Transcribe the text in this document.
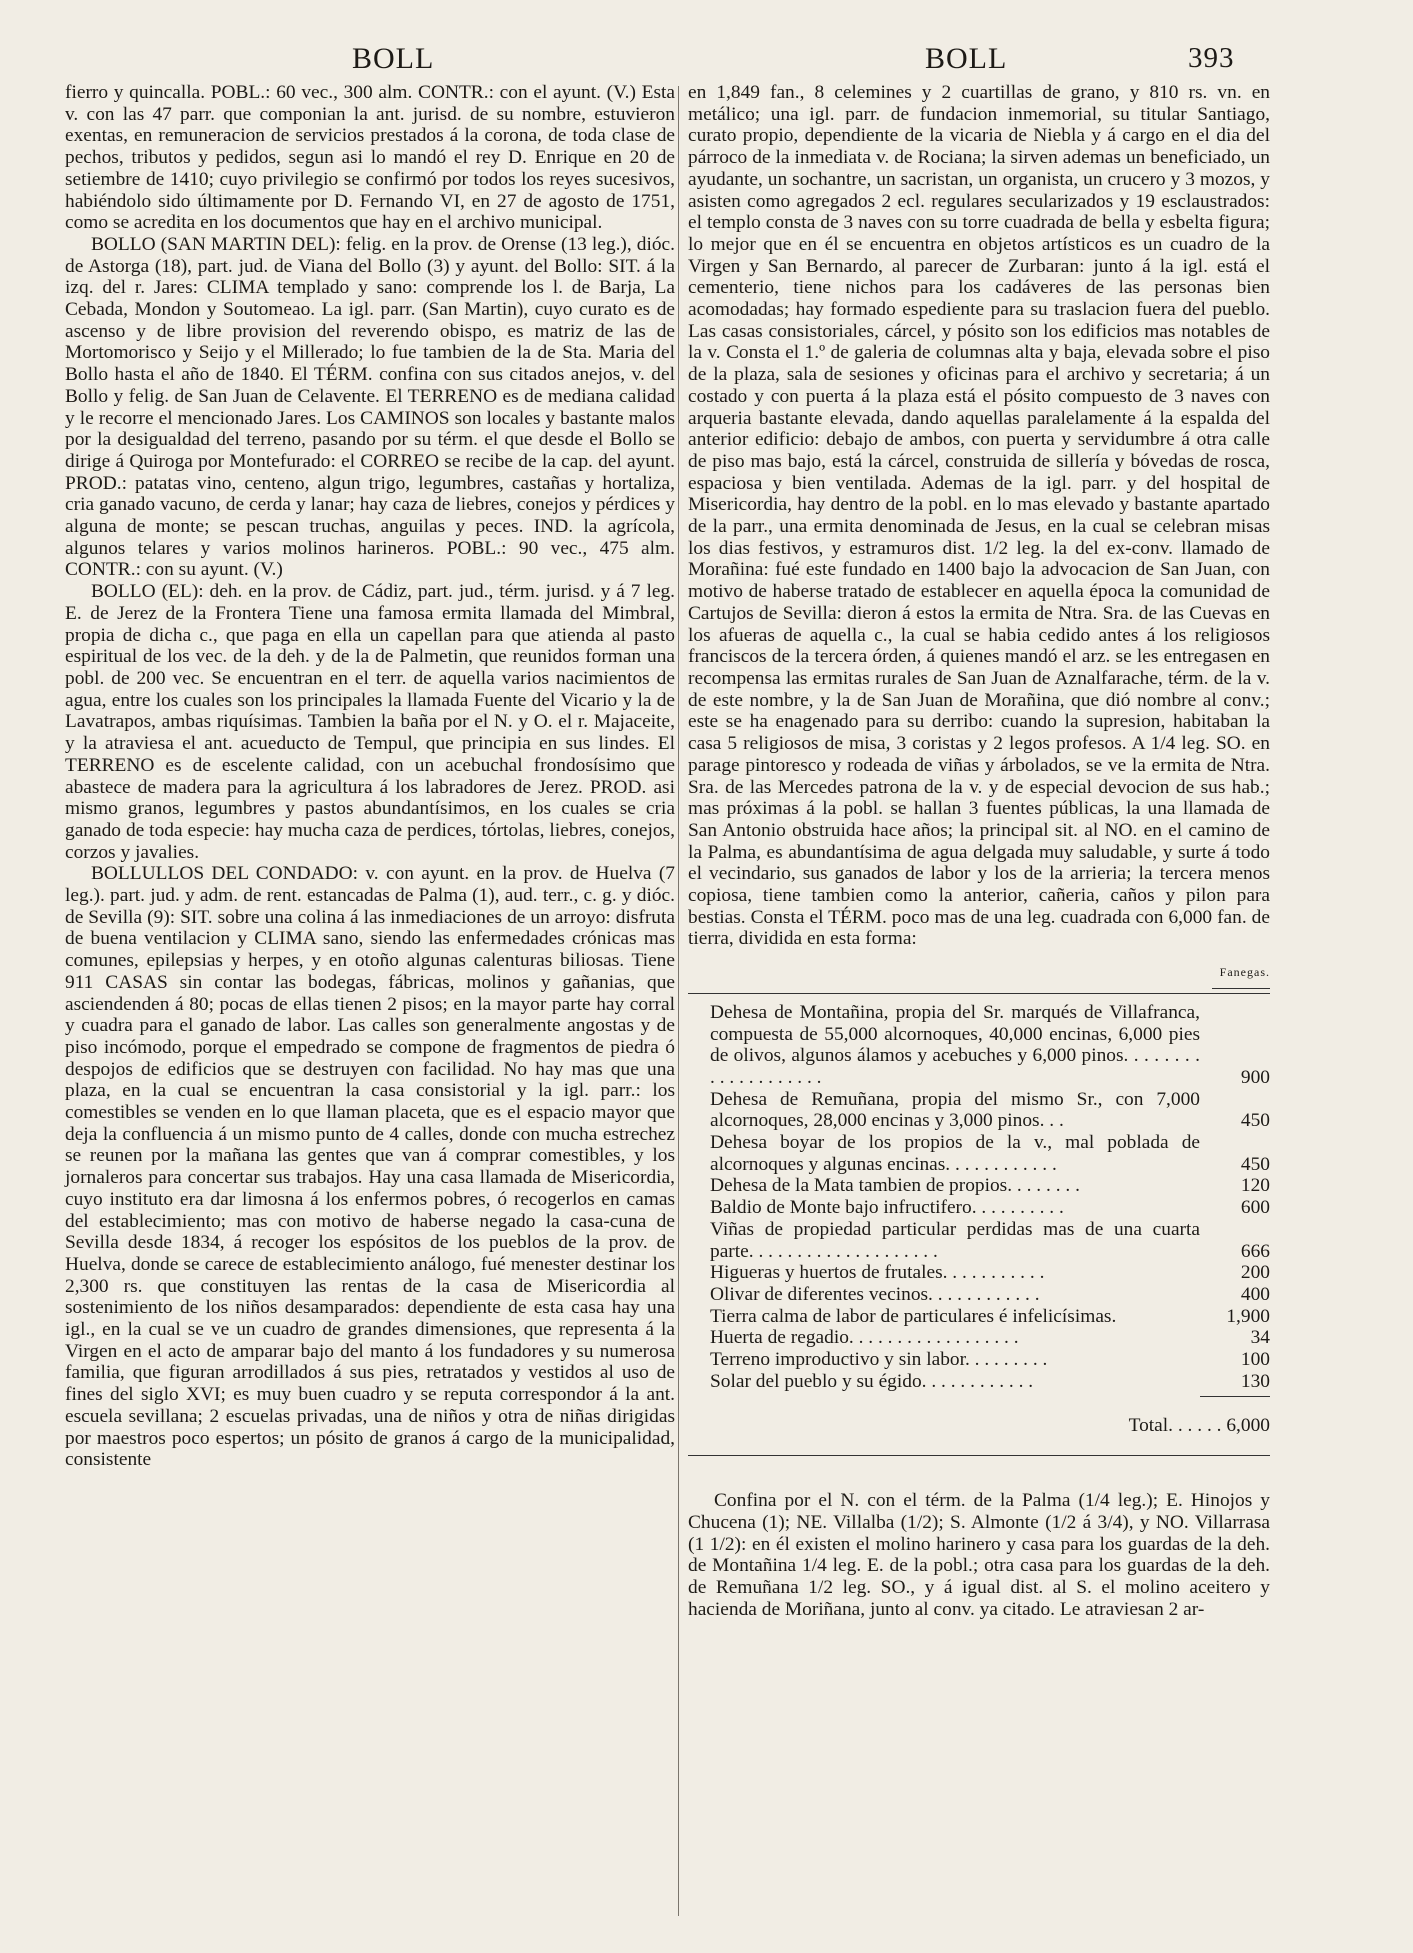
BOLL	BOLL	393

fierro y quincalla. POBL.: 60 vec., 300 alm. CONTR.: con el ayunt. (V.) Esta v. con las 47 parr. que componian la ant. jurisd. de su nombre, estuvieron exentas, en remuneracion de servicios prestados á la corona, de toda clase de pechos, tributos y pedidos, segun asi lo mandó el rey D. Enrique en 20 de setiembre de 1410; cuyo privilegio se confirmó por todos los reyes sucesivos, habiéndolo sido últimamente por D. Fernando VI, en 27 de agosto de 1751, como se acredita en los documentos que hay en el archivo municipal.

BOLLO (SAN MARTIN DEL): felig. en la prov. de Orense (13 leg.), dióc. de Astorga (18), part. jud. de Viana del Bollo (3) y ayunt. del Bollo: SIT. á la izq. del r. Jares: CLIMA templado y sano: comprende los l. de Barja, La Cebada, Mondon y Soutomeao. La igl. parr. (San Martin), cuyo curato es de ascenso y de libre provision del reverendo obispo, es matriz de las de Mortomorisco y Seijo y el Millerado; lo fue tambien de la de Sta. Maria del Bollo hasta el año de 1840. El TÉRM. confina con sus citados anejos, v. del Bollo y felig. de San Juan de Celavente. El TERRENO es de mediana calidad y le recorre el mencionado Jares. Los CAMINOS son locales y bastante malos por la desigualdad del terreno, pasando por su térm. el que desde el Bollo se dirige á Quiroga por Montefurado: el CORREO se recibe de la cap. del ayunt. PROD.: patatas vino, centeno, algun trigo, legumbres, castañas y hortaliza, cria ganado vacuno, de cerda y lanar; hay caza de liebres, conejos y pérdices y alguna de monte; se pescan truchas, anguilas y peces. IND. la agrícola, algunos telares y varios molinos harineros. POBL.: 90 vec., 475 alm. CONTR.: con su ayunt. (V.)

BOLLO (EL): deh. en la prov. de Cádiz, part. jud., térm. jurisd. y á 7 leg. E. de Jerez de la Frontera Tiene una famosa ermita llamada del Mimbral, propia de dicha c., que paga en ella un capellan para que atienda al pasto espiritual de los vec. de la deh. y de la de Palmetin, que reunidos forman una pobl. de 200 vec. Se encuentran en el terr. de aquella varios nacimientos de agua, entre los cuales son los principales la llamada Fuente del Vicario y la de Lavatrapos, ambas riquísimas. Tambien la baña por el N. y O. el r. Majaceite, y la atraviesa el ant. acueducto de Tempul, que principia en sus lindes. El TERRENO es de escelente calidad, con un acebuchal frondosísimo que abastece de madera para la agricultura á los labradores de Jerez. PROD. asi mismo granos, legumbres y pastos abundantísimos, en los cuales se cria ganado de toda especie: hay mucha caza de perdices, tórtolas, liebres, conejos, corzos y javalies.

BOLLULLOS DEL CONDADO: v. con ayunt. en la prov. de Huelva (7 leg.). part. jud. y adm. de rent. estancadas de Palma (1), aud. terr., c. g. y dióc. de Sevilla (9): SIT. sobre una colina á las inmediaciones de un arroyo: disfruta de buena ventilacion y CLIMA sano, siendo las enfermedades crónicas mas comunes, epilepsias y herpes, y en otoño algunas calenturas biliosas. Tiene 911 CASAS sin contar las bodegas, fábricas, molinos y gañanias, que asciendenden á 80; pocas de ellas tienen 2 pisos; en la mayor parte hay corral y cuadra para el ganado de labor. Las calles son generalmente angostas y de piso incómodo, porque el empedrado se compone de fragmentos de piedra ó despojos de edificios que se destruyen con facilidad. No hay mas que una plaza, en la cual se encuentran la casa consistorial y la igl. parr.: los comestibles se venden en lo que llaman placeta, que es el espacio mayor que deja la confluencia á un mismo punto de 4 calles, donde con mucha estrechez se reunen por la mañana las gentes que van á comprar comestibles, y los jornaleros para concertar sus trabajos. Hay una casa llamada de Misericordia, cuyo instituto era dar limosna á los enfermos pobres, ó recogerlos en camas del establecimiento; mas con motivo de haberse negado la casa-cuna de Sevilla desde 1834, á recoger los espósitos de los pueblos de la prov. de Huelva, donde se carece de establecimiento análogo, fué menester destinar los 2,300 rs. que constituyen las rentas de la casa de Misericordia al sostenimiento de los niños desamparados: dependiente de esta casa hay una igl., en la cual se ve un cuadro de grandes dimensiones, que representa á la Virgen en el acto de amparar bajo del manto á los fundadores y su numerosa familia, que figuran arrodillados á sus pies, retratados y vestidos al uso de fines del siglo XVI; es muy buen cuadro y se reputa correspondor á la ant. escuela sevillana; 2 escuelas privadas, una de niños y otra de niñas dirigidas por maestros poco espertos; un pósito de granos á cargo de la municipalidad, consistente

en 1,849 fan., 8 celemines y 2 cuartillas de grano, y 810 rs. vn. en metálico; una igl. parr. de fundacion inmemorial, su titular Santiago, curato propio, dependiente de la vicaria de Niebla y á cargo en el dia del párroco de la inmediata v. de Rociana; la sirven ademas un beneficiado, un ayudante, un sochantre, un sacristan, un organista, un crucero y 3 mozos, y asisten como agregados 2 ecl. regulares secularizados y 19 esclaustrados: el templo consta de 3 naves con su torre cuadrada de bella y esbelta figura; lo mejor que en él se encuentra en objetos artísticos es un cuadro de la Virgen y San Bernardo, al parecer de Zurbaran: junto á la igl. está el cementerio, tiene nichos para los cadáveres de las personas bien acomodadas; hay formado espediente para su traslacion fuera del pueblo. Las casas consistoriales, cárcel, y pósito son los edificios mas notables de la v. Consta el 1.º de galeria de columnas alta y baja, elevada sobre el piso de la plaza, sala de sesiones y oficinas para el archivo y secretaria; á un costado y con puerta á la plaza está el pósito compuesto de 3 naves con arqueria bastante elevada, dando aquellas paralelamente á la espalda del anterior edificio: debajo de ambos, con puerta y servidumbre á otra calle de piso mas bajo, está la cárcel, construida de sillería y bóvedas de rosca, espaciosa y bien ventilada. Ademas de la igl. parr. y del hospital de Misericordia, hay dentro de la pobl. en lo mas elevado y bastante apartado de la parr., una ermita denominada de Jesus, en la cual se celebran misas los dias festivos, y estramuros dist. 1/2 leg. la del ex-conv. llamado de Morañina: fué este fundado en 1400 bajo la advocacion de San Juan, con motivo de haberse tratado de establecer en aquella época la comunidad de Cartujos de Sevilla: dieron á estos la ermita de Ntra. Sra. de las Cuevas en los afueras de aquella c., la cual se habia cedido antes á los religiosos franciscos de la tercera órden, á quienes mandó el arz. se les entregasen en recompensa las ermitas rurales de San Juan de Aznalfarache, térm. de la v. de este nombre, y la de San Juan de Morañina, que dió nombre al conv.; este se ha enagenado para su derribo: cuando la supresion, habitaban la casa 5 religiosos de misa, 3 coristas y 2 legos profesos. A 1/4 leg. SO. en parage pintoresco y rodeada de viñas y árbolados, se ve la ermita de Ntra. Sra. de las Mercedes patrona de la v. y de especial devocion de sus hab.; mas próximas á la pobl. se hallan 3 fuentes públicas, la una llamada de San Antonio obstruida hace años; la principal sit. al NO. en el camino de la Palma, es abundantísima de agua delgada muy saludable, y surte á todo el vecindario, sus ganados de labor y los de la arrieria; la tercera menos copiosa, tiene tambien como la anterior, cañeria, caños y pilon para bestias. Consta el TÉRM. poco mas de una leg. cuadrada con 6,000 fan. de tierra, dividida en esta forma:

Fanegas.
Dehesa de Montañina, propia del Sr. marqués de Villafranca, compuesta de 55,000 alcornoques, 40,000 encinas, 6,000 pies de olivos, algunos álamos y acebuches y 6,000 pinos. . . . . . . . . . . . . . . . . . . .	900
Dehesa de Remuñana, propia del mismo Sr., con 7,000 alcornoques, 28,000 encinas y 3,000 pinos. . .	450
Dehesa boyar de los propios de la v., mal poblada de alcornoques y algunas encinas. . . . . . . . . . . .	450
Dehesa de la Mata tambien de propios. . . . . . . .	120
Baldio de Monte bajo infructifero. . . . . . . . . .	600
Viñas de propiedad particular perdidas mas de una cuarta parte. . . . . . . . . . . . . . . . . . . .	666
Higueras y huertos de frutales. . . . . . . . . . .	200
Olivar de diferentes vecinos. . . . . . . . . . . .	400
Tierra calma de labor de particulares é infelicísimas.	1,900
Huerta de regadio. . . . . . . . . . . . . . . . . .	34
Terreno improductivo y sin labor. . . . . . . . .	100
Solar del pueblo y su égido. . . . . . . . . . . .	130
Total. . . . . . 6,000

Confina por el N. con el térm. de la Palma (1/4 leg.); E. Hinojos y Chucena (1); NE. Villalba (1/2); S. Almonte (1/2 á 3/4), y NO. Villarrasa (1 1/2): en él existen el molino harinero y casa para los guardas de la deh. de Montañina 1/4 leg. E. de la pobl.; otra casa para los guardas de la deh. de Remuñana 1/2 leg. SO., y á igual dist. al S. el molino aceitero y hacienda de Moriñana, junto al conv. ya citado. Le atraviesan 2 ar-
